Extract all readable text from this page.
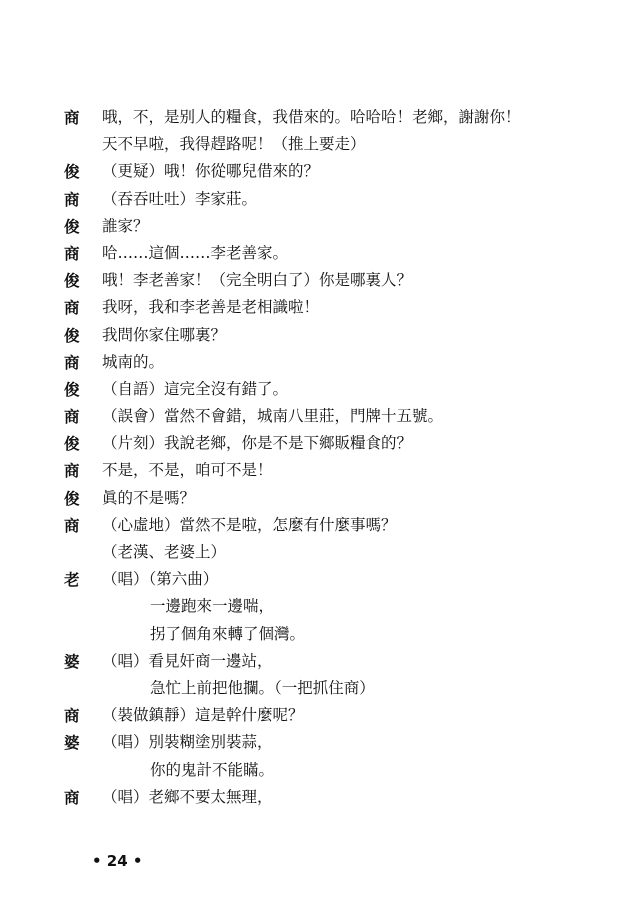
商	哦，不，是别人的糧食，我借來的。哈哈哈！老鄉，謝謝你！
天不早啦，我得趕路呢！（推上要走）
俊	（更疑）哦！你從哪兒借來的？
商	（吞吞吐吐）李家莊。
俊	誰家？
商	哈……這個……李老善家。
俊	哦！李老善家！（完全明白了）你是哪裏人？
商	我呀，我和李老善是老相識啦！
俊	我問你家住哪裏？
商	城南的。
俊	（自語）這完全沒有錯了。
商	（誤會）當然不會錯，城南八里莊，門牌十五號。
俊	（片刻）我說老鄉，你是不是下鄉販糧食的？
商	不是，不是，咱可不是！
俊	眞的不是嗎？
商	（心虛地）當然不是啦，怎麼有什麼事嗎？
（老漢、老婆上）
老	（唱）（第六曲）
一邊跑來一邊喘，
拐了個角來轉了個灣。
婆	（唱）看見奸商一邊站，
急忙上前把他攔。（一把抓住商）
商	（裝做鎮靜）這是幹什麼呢？
婆	（唱）別裝糊塗別裝蒜，
你的鬼計不能瞞。
商	（唱）老鄉不要太無理，
• 24 •
